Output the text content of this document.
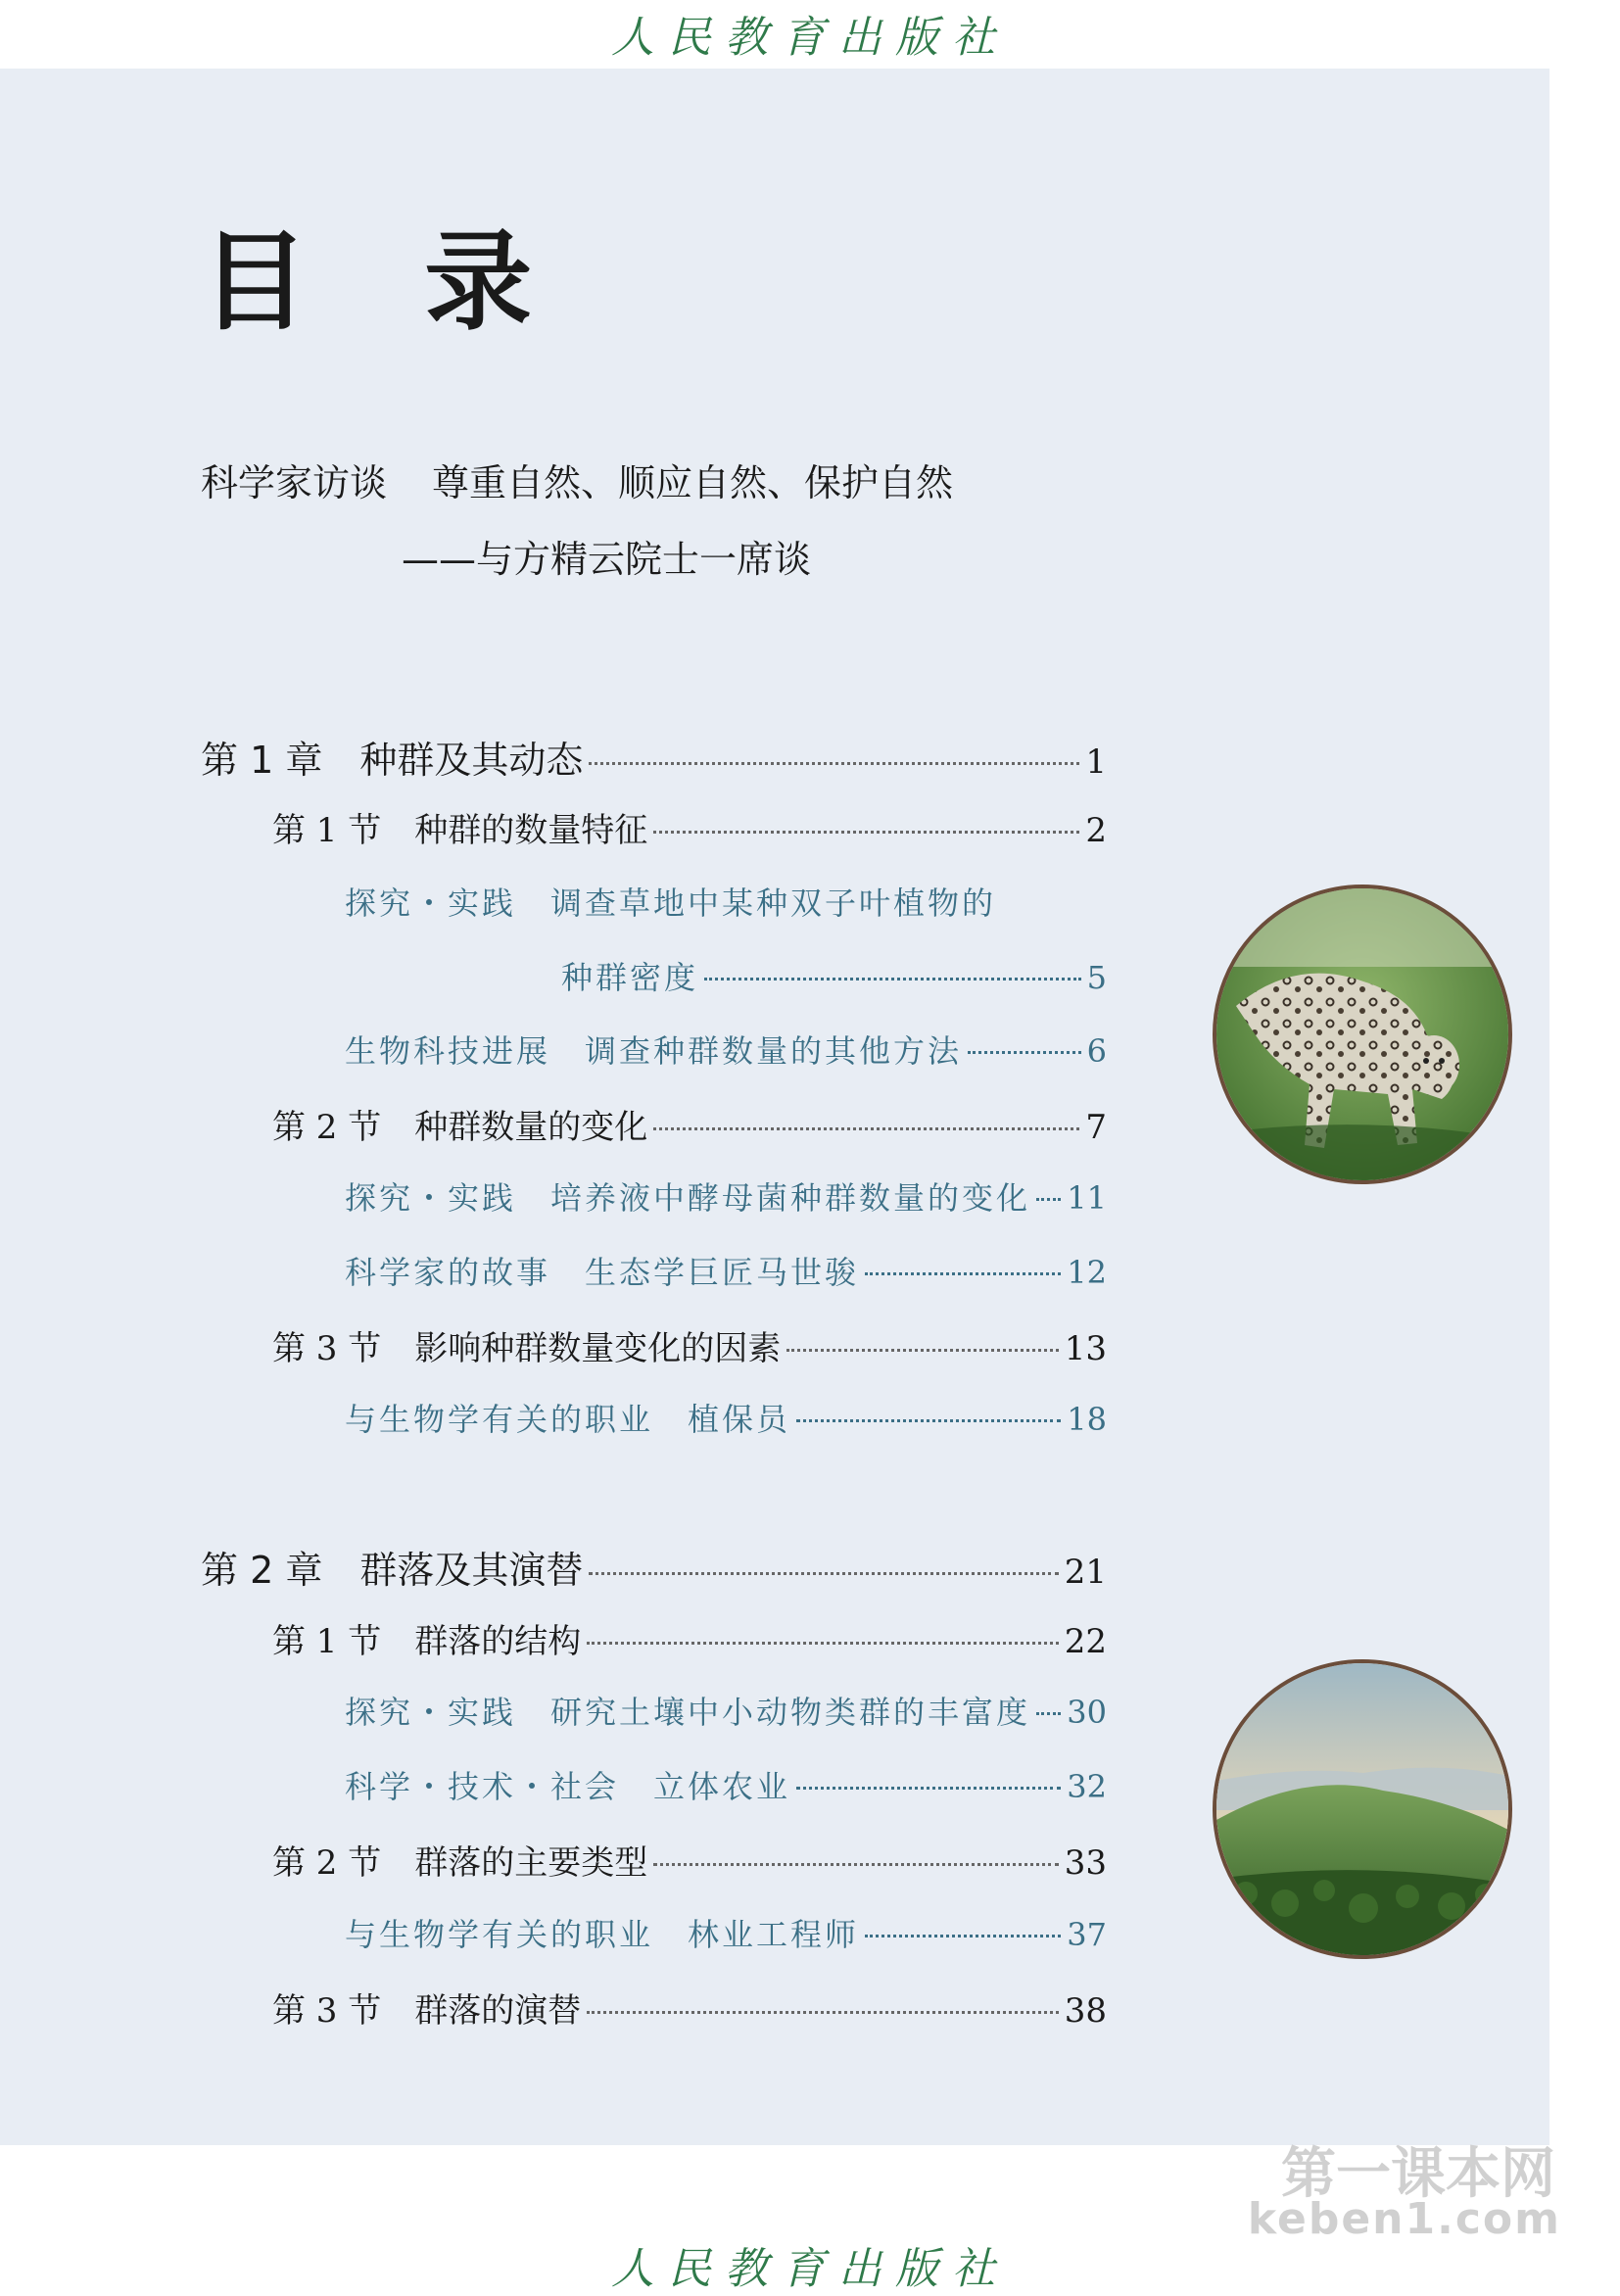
人民教育出版社
目 录
科学家访谈 尊重自然、顺应自然、保护自然
——与方精云院士一席谈
第 1 章　种群及其动态	1
第 1 节　种群的数量特征	2
探究・实践　调查草地中某种双子叶植物的
种群密度	5
生物科技进展　调查种群数量的其他方法	6
第 2 节　种群数量的变化	7
探究・实践　培养液中酵母菌种群数量的变化 11
科学家的故事　生态学巨匠马世骏	12
第 3 节　影响种群数量变化的因素	13
与生物学有关的职业　植保员	18
第 2 章　群落及其演替	21
第 1 节　群落的结构	22
探究・实践　研究土壤中小动物类群的丰富度 30
科学・技术・社会　立体农业	32
第 2 节　群落的主要类型	33
与生物学有关的职业　林业工程师	37
第 3 节　群落的演替	38
第一课本网
keben1.com
人民教育出版社
